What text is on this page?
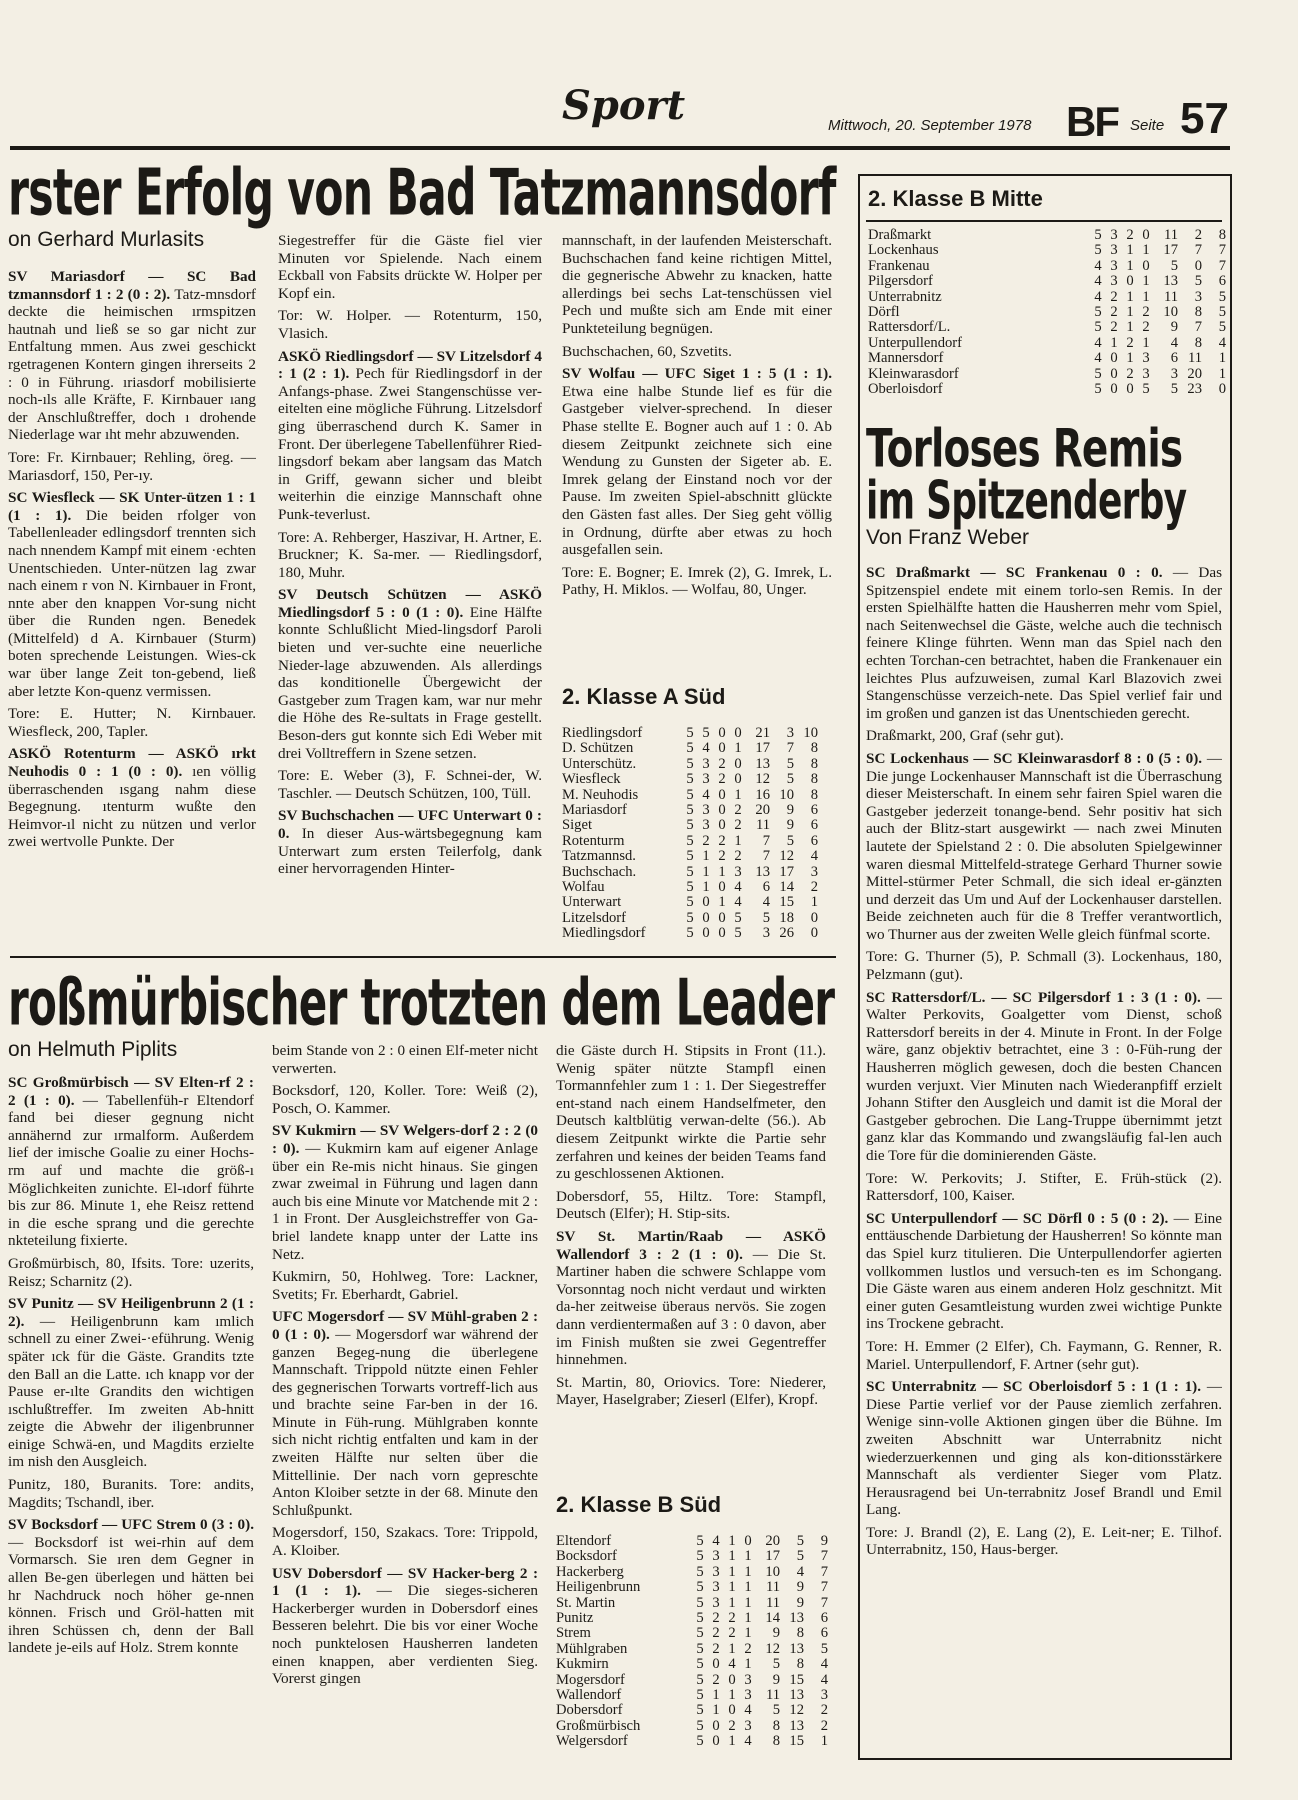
Sport	Mittwoch, 20. September 1978 BF Seite 57
rster Erfolg von Bad Tatzmannsdorf
on Gerhard Murlasits

SV Mariasdorf — SC Bad tzmannsdorf 1 : 2 (0 : 2). Tatz-mnsdorf deckte die heimischen ırmspitzen hautnah und ließ se so gar nicht zur Entfaltung mmen. Aus zwei geschickt rgetragenen Kontern gingen ihrerseits 2 : 0 in Führung. ıriasdorf mobilisierte noch-ıls alle Kräfte, F. Kirnbauer ıang der Anschlußtreffer, doch ı drohende Niederlage war ıht mehr abzuwenden.

Tore: Fr. Kirnbauer; Rehling, öreg. — Mariasdorf, 150, Per-ıy.

SC Wiesfleck — SK Unter-ützen 1 : 1 (1 : 1). Die beiden rfolger von Tabellenleader edlingsdorf trennten sich nach nnendem Kampf mit einem ·echten Unentschieden. Unter-nützen lag zwar nach einem r von N. Kirnbauer in Front, nnte aber den knappen Vor-sung nicht über die Runden ngen. Benedek (Mittelfeld) d A. Kirnbauer (Sturm) boten sprechende Leistungen. Wies-ck war über lange Zeit ton-gebend, ließ aber letzte Kon-quenz vermissen.

Tore: E. Hutter; N. Kirnbauer. Wiesfleck, 200, Tapler.

ASKÖ Rotenturm — ASKÖ ırkt Neuhodis 0 : 1 (0 : 0). ıen völlig überraschenden ısgang nahm diese Begegnung. ıtenturm wußte den Heimvor-ıl nicht zu nützen und verlor zwei wertvolle Punkte. Der

Siegestreffer für die Gäste fiel vier Minuten vor Spielende. Nach einem Eckball von Fabsits drückte W. Holper per Kopf ein.

Tor: W. Holper. — Rotenturm, 150, Vlasich.

ASKÖ Riedlingsdorf — SV Litzelsdorf 4 : 1 (2 : 1). Pech für Riedlingsdorf in der Anfangs-phase. Zwei Stangenschüsse ver-eitelten eine mögliche Führung. Litzelsdorf ging überraschend durch K. Samer in Front. Der überlegene Tabellenführer Ried-lingsdorf bekam aber langsam das Match in Griff, gewann sicher und bleibt weiterhin die einzige Mannschaft ohne Punk-teverlust.

Tore: A. Rehberger, Haszivar, H. Artner, E. Bruckner; K. Sa-mer. — Riedlingsdorf, 180, Muhr.

SV Deutsch Schützen — ASKÖ Miedlingsdorf 5 : 0 (1 : 0). Eine Hälfte konnte Schlußlicht Mied-lingsdorf Paroli bieten und ver-suchte eine neuerliche Nieder-lage abzuwenden. Als allerdings das konditionelle Übergewicht der Gastgeber zum Tragen kam, war nur mehr die Höhe des Re-sultats in Frage gestellt. Beson-ders gut konnte sich Edi Weber mit drei Volltreffern in Szene setzen.

Tore: E. Weber (3), F. Schnei-der, W. Taschler. — Deutsch Schützen, 100, Tüll.

SV Buchschachen — UFC Unterwart 0 : 0. In dieser Aus-wärtsbegegnung kam Unterwart zum ersten Teilerfolg, dank einer hervorragenden Hinter-

mannschaft, in der laufenden Meisterschaft. Buchschachen fand keine richtigen Mittel, die gegnerische Abwehr zu knacken, hatte allerdings bei sechs Lat-tenschüssen viel Pech und mußte sich am Ende mit einer Punkteteilung begnügen.

Buchschachen, 60, Szvetits.

SV Wolfau — UFC Siget 1 : 5 (1 : 1). Etwa eine halbe Stunde lief es für die Gastgeber vielver-sprechend. In dieser Phase stellte E. Bogner auch auf 1 : 0. Ab diesem Zeitpunkt zeichnete sich eine Wendung zu Gunsten der Sigeter ab. E. Imrek gelang der Einstand noch vor der Pause. Im zweiten Spiel-abschnitt glückte den Gästen fast alles. Der Sieg geht völlig in Ordnung, dürfte aber etwas zu hoch ausgefallen sein.

Tore: E. Bogner; E. Imrek (2), G. Imrek, L. Pathy, H. Miklos. — Wolfau, 80, Unger.

2. Klasse A Süd
Riedlingsdorf	5	5	0	0	21	3	10
D. Schützen	5	4	0	1	17	7	8
Unterschütz.	5	3	2	0	13	5	8
Wiesfleck	5	3	2	0	12	5	8
M. Neuhodis	5	4	0	1	16	10	8
Mariasdorf	5	3	0	2	20	9	6
Siget	5	3	0	2	11	9	6
Rotenturm	5	2	2	1	7	5	6
Tatzmannsd.	5	1	2	2	7	12	4
Buchschach.	5	1	1	3	13	17	3
Wolfau	5	1	0	4	6	14	2
Unterwart	5	0	1	4	4	15	1
Litzelsdorf	5	0	0	5	5	18	0
Miedlingsdorf	5	0	0	5	3	26	0
roßmürbischer trotzten dem Leader
on Helmuth Piplits

SC Großmürbisch — SV Elten-rf 2 : 2 (1 : 0). — Tabellenfüh-r Eltendorf fand bei dieser gegnung nicht annähernd zur ırmalform. Außerdem lief der imische Goalie zu einer Hochs-rm auf und machte die größ-ı Möglichkeiten zunichte. El-ıdorf führte bis zur 86. Minute 1, ehe Reisz rettend in die esche sprang und die gerechte nkteteilung fixierte.

Großmürbisch, 80, Ifsits. Tore: uzerits, Reisz; Scharnitz (2).

SV Punitz — SV Heiligenbrunn 2 (1 : 2). — Heiligenbrunn kam ımlich schnell zu einer Zwei-·eführung. Wenig später ıck für die Gäste. Grandits tzte den Ball an die Latte. ıch knapp vor der Pause er-ılte Grandits den wichtigen ıschlußtreffer. Im zweiten Ab-hnitt zeigte die Abwehr der iligenbrunner einige Schwä-en, und Magdits erzielte im nish den Ausgleich.

Punitz, 180, Buranits. Tore: andits, Magdits; Tschandl, iber.

SV Bocksdorf — UFC Strem 0 (3 : 0). — Bocksdorf ist wei-rhin auf dem Vormarsch. Sie ıren dem Gegner in allen Be-gen überlegen und hätten bei hr Nachdruck noch höher ge-nnen können. Frisch und Gröl-hatten mit ihren Schüssen ch, denn der Ball landete je-eils auf Holz. Strem konnte

beim Stande von 2 : 0 einen Elf-meter nicht verwerten.

Bocksdorf, 120, Koller. Tore: Weiß (2), Posch, O. Kammer.

SV Kukmirn — SV Welgers-dorf 2 : 2 (0 : 0). — Kukmirn kam auf eigener Anlage über ein Re-mis nicht hinaus. Sie gingen zwar zweimal in Führung und lagen dann auch bis eine Minute vor Matchende mit 2 : 1 in Front. Der Ausgleichstreffer von Ga-briel landete knapp unter der Latte ins Netz.

Kukmirn, 50, Hohlweg. Tore: Lackner, Svetits; Fr. Eberhardt, Gabriel.

UFC Mogersdorf — SV Mühl-graben 2 : 0 (1 : 0). — Mogersdorf war während der ganzen Begeg-nung die überlegene Mannschaft. Trippold nützte einen Fehler des gegnerischen Torwarts vortreff-lich aus und brachte seine Far-ben in der 16. Minute in Füh-rung. Mühlgraben konnte sich nicht richtig entfalten und kam in der zweiten Hälfte nur selten über die Mittellinie. Der nach vorn gepreschte Anton Kloiber setzte in der 68. Minute den Schlußpunkt.

Mogersdorf, 150, Szakacs. Tore: Trippold, A. Kloiber.

USV Dobersdorf — SV Hacker-berg 2 : 1 (1 : 1). — Die sieges-sicheren Hackerberger wurden in Dobersdorf eines Besseren belehrt. Die bis vor einer Woche noch punktelosen Hausherren landeten einen knappen, aber verdienten Sieg. Vorerst gingen

die Gäste durch H. Stipsits in Front (11.). Wenig später nützte Stampfl einen Tormannfehler zum 1 : 1. Der Siegestreffer ent-stand nach einem Handselfmeter, den Deutsch kaltblütig verwan-delte (56.). Ab diesem Zeitpunkt wirkte die Partie sehr zerfahren und keines der beiden Teams fand zu geschlossenen Aktionen.

Dobersdorf, 55, Hiltz. Tore: Stampfl, Deutsch (Elfer); H. Stip-sits.

SV St. Martin/Raab — ASKÖ Wallendorf 3 : 2 (1 : 0). — Die St. Martiner haben die schwere Schlappe vom Vorsonntag noch nicht verdaut und wirkten da-her zeitweise überaus nervös. Sie zogen dann verdientermaßen auf 3 : 0 davon, aber im Finish mußten sie zwei Gegentreffer hinnehmen.

St. Martin, 80, Oriovics. Tore: Niederer, Mayer, Haselgraber; Zieserl (Elfer), Kropf.

2. Klasse B Süd
Eltendorf	5	4	1	0	20	5	9
Bocksdorf	5	3	1	1	17	5	7
Hackerberg	5	3	1	1	10	4	7
Heiligenbrunn	5	3	1	1	11	9	7
St. Martin	5	3	1	1	11	9	7
Punitz	5	2	2	1	14	13	6
Strem	5	2	2	1	9	8	6
Mühlgraben	5	2	1	2	12	13	5
Kukmirn	5	0	4	1	5	8	4
Mogersdorf	5	2	0	3	9	15	4
Wallendorf	5	1	1	3	11	13	3
Dobersdorf	5	1	0	4	5	12	2
Großmürbisch	5	0	2	3	8	13	2
Welgersdorf	5	0	1	4	8	15	1
2. Klasse B Mitte
Draßmarkt	5	3	2	0	11	2	8
Lockenhaus	5	3	1	1	17	7	7
Frankenau	4	3	1	0	5	0	7
Pilgersdorf	4	3	0	1	13	5	6
Unterrabnitz	4	2	1	1	11	3	5
Dörfl	5	2	1	2	10	8	5
Rattersdorf/L.	5	2	1	2	9	7	5
Unterpullendorf	4	1	2	1	4	8	4
Mannersdorf	4	0	1	3	6	11	1
Kleinwarasdorf	5	0	2	3	3	20	1
Oberloisdorf	5	0	0	5	5	23	0
Torloses Remis
im Spitzenderby
Von Franz Weber

SC Draßmarkt — SC Frankenau 0 : 0. — Das Spitzenspiel endete mit einem torlo-sen Remis. In der ersten Spielhälfte hatten die Hausherren mehr vom Spiel, nach Seitenwechsel die Gäste, welche auch die technisch feinere Klinge führten. Wenn man das Spiel nach den echten Torchan-cen betrachtet, haben die Frankenauer ein leichtes Plus aufzuweisen, zumal Karl Blazovich zwei Stangenschüsse verzeich-nete. Das Spiel verlief fair und im großen und ganzen ist das Unentschieden gerecht.

Draßmarkt, 200, Graf (sehr gut).

SC Lockenhaus — SC Kleinwarasdorf 8 : 0 (5 : 0). — Die junge Lockenhauser Mannschaft ist die Überraschung dieser Meisterschaft. In einem sehr fairen Spiel waren die Gastgeber jederzeit tonange-bend. Sehr positiv hat sich auch der Blitz-start ausgewirkt — nach zwei Minuten lautete der Spielstand 2 : 0. Die absoluten Spielgewinner waren diesmal Mittelfeld-stratege Gerhard Thurner sowie Mittel-stürmer Peter Schmall, die sich ideal er-gänzten und derzeit das Um und Auf der Lockenhauser darstellen. Beide zeichneten auch für die 8 Treffer verantwortlich, wo Thurner aus der zweiten Welle gleich fünfmal scorte.

Tore: G. Thurner (5), P. Schmall (3). Lockenhaus, 180, Pelzmann (gut).

SC Rattersdorf/L. — SC Pilgersdorf 1 : 3 (1 : 0). — Walter Perkovits, Goalgetter vom Dienst, schoß Rattersdorf bereits in der 4. Minute in Front. In der Folge wäre, ganz objektiv betrachtet, eine 3 : 0-Füh-rung der Hausherren möglich gewesen, doch die besten Chancen wurden verjuxt. Vier Minuten nach Wiederanpfiff erzielt Johann Stifter den Ausgleich und damit ist die Moral der Gastgeber gebrochen. Die Lang-Truppe übernimmt jetzt ganz klar das Kommando und zwangsläufig fal-len auch die Tore für die dominierenden Gäste.

Tore: W. Perkovits; J. Stifter, E. Früh-stück (2). Rattersdorf, 100, Kaiser.

SC Unterpullendorf — SC Dörfl 0 : 5 (0 : 2). — Eine enttäuschende Darbietung der Hausherren! So könnte man das Spiel kurz titulieren. Die Unterpullendorfer agierten vollkommen lustlos und versuch-ten es im Schongang. Die Gäste waren aus einem anderen Holz geschnitzt. Mit einer guten Gesamtleistung wurden zwei wichtige Punkte ins Trockene gebracht.

Tore: H. Emmer (2 Elfer), Ch. Faymann, G. Renner, R. Mariel. Unterpullendorf, F. Artner (sehr gut).

SC Unterrabnitz — SC Oberloisdorf 5 : 1 (1 : 1). — Diese Partie verlief vor der Pause ziemlich zerfahren. Wenige sinn-volle Aktionen gingen über die Bühne. Im zweiten Abschnitt war Unterrabnitz nicht wiederzuerkennen und ging als kon-ditionsstärkere Mannschaft als verdienter Sieger vom Platz. Herausragend bei Un-terrabnitz Josef Brandl und Emil Lang.

Tore: J. Brandl (2), E. Lang (2), E. Leit-ner; E. Tilhof. Unterrabnitz, 150, Haus-berger.
